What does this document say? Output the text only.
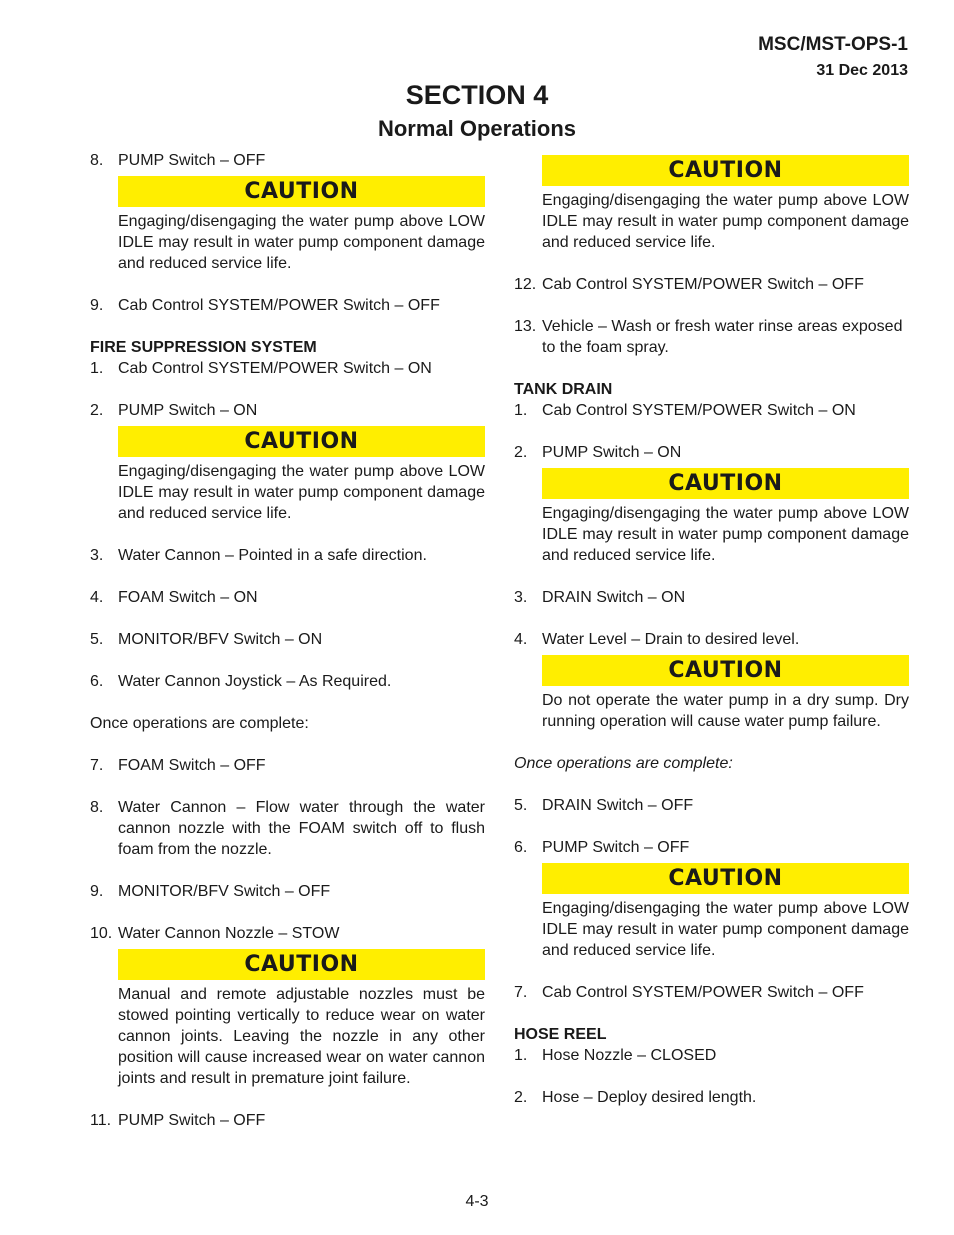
MSC/MST-OPS-1
31 Dec 2013
SECTION 4
Normal Operations
8. PUMP Switch – OFF
CAUTION
Engaging/disengaging the water pump above LOW IDLE may result in water pump component damage and reduced service life.
9. Cab Control SYSTEM/POWER Switch – OFF
FIRE SUPPRESSION SYSTEM
1. Cab Control SYSTEM/POWER Switch – ON
2. PUMP Switch – ON
CAUTION
Engaging/disengaging the water pump above LOW IDLE may result in water pump component damage and reduced service life.
3. Water Cannon – Pointed in a safe direction.
4. FOAM Switch – ON
5. MONITOR/BFV Switch – ON
6. Water Cannon Joystick – As Required.
Once operations are complete:
7. FOAM Switch – OFF
8. Water Cannon – Flow water through the water cannon nozzle with the FOAM switch off to flush foam from the nozzle.
9. MONITOR/BFV Switch – OFF
10. Water Cannon Nozzle – STOW
CAUTION
Manual and remote adjustable nozzles must be stowed pointing vertically to reduce wear on water cannon joints. Leaving the nozzle in any other position will cause increased wear on water cannon joints and result in premature joint failure.
11. PUMP Switch – OFF
CAUTION
Engaging/disengaging the water pump above LOW IDLE may result in water pump component damage and reduced service life.
12. Cab Control SYSTEM/POWER Switch – OFF
13. Vehicle – Wash or fresh water rinse areas exposed to the foam spray.
TANK DRAIN
1. Cab Control SYSTEM/POWER Switch – ON
2. PUMP Switch – ON
CAUTION
Engaging/disengaging the water pump above LOW IDLE may result in water pump component damage and reduced service life.
3. DRAIN Switch – ON
4. Water Level – Drain to desired level.
CAUTION
Do not operate the water pump in a dry sump. Dry running operation will cause water pump failure.
Once operations are complete:
5. DRAIN Switch – OFF
6. PUMP Switch – OFF
CAUTION
Engaging/disengaging the water pump above LOW IDLE may result in water pump component damage and reduced service life.
7. Cab Control SYSTEM/POWER Switch – OFF
HOSE REEL
1. Hose Nozzle – CLOSED
2. Hose – Deploy desired length.
4-3
